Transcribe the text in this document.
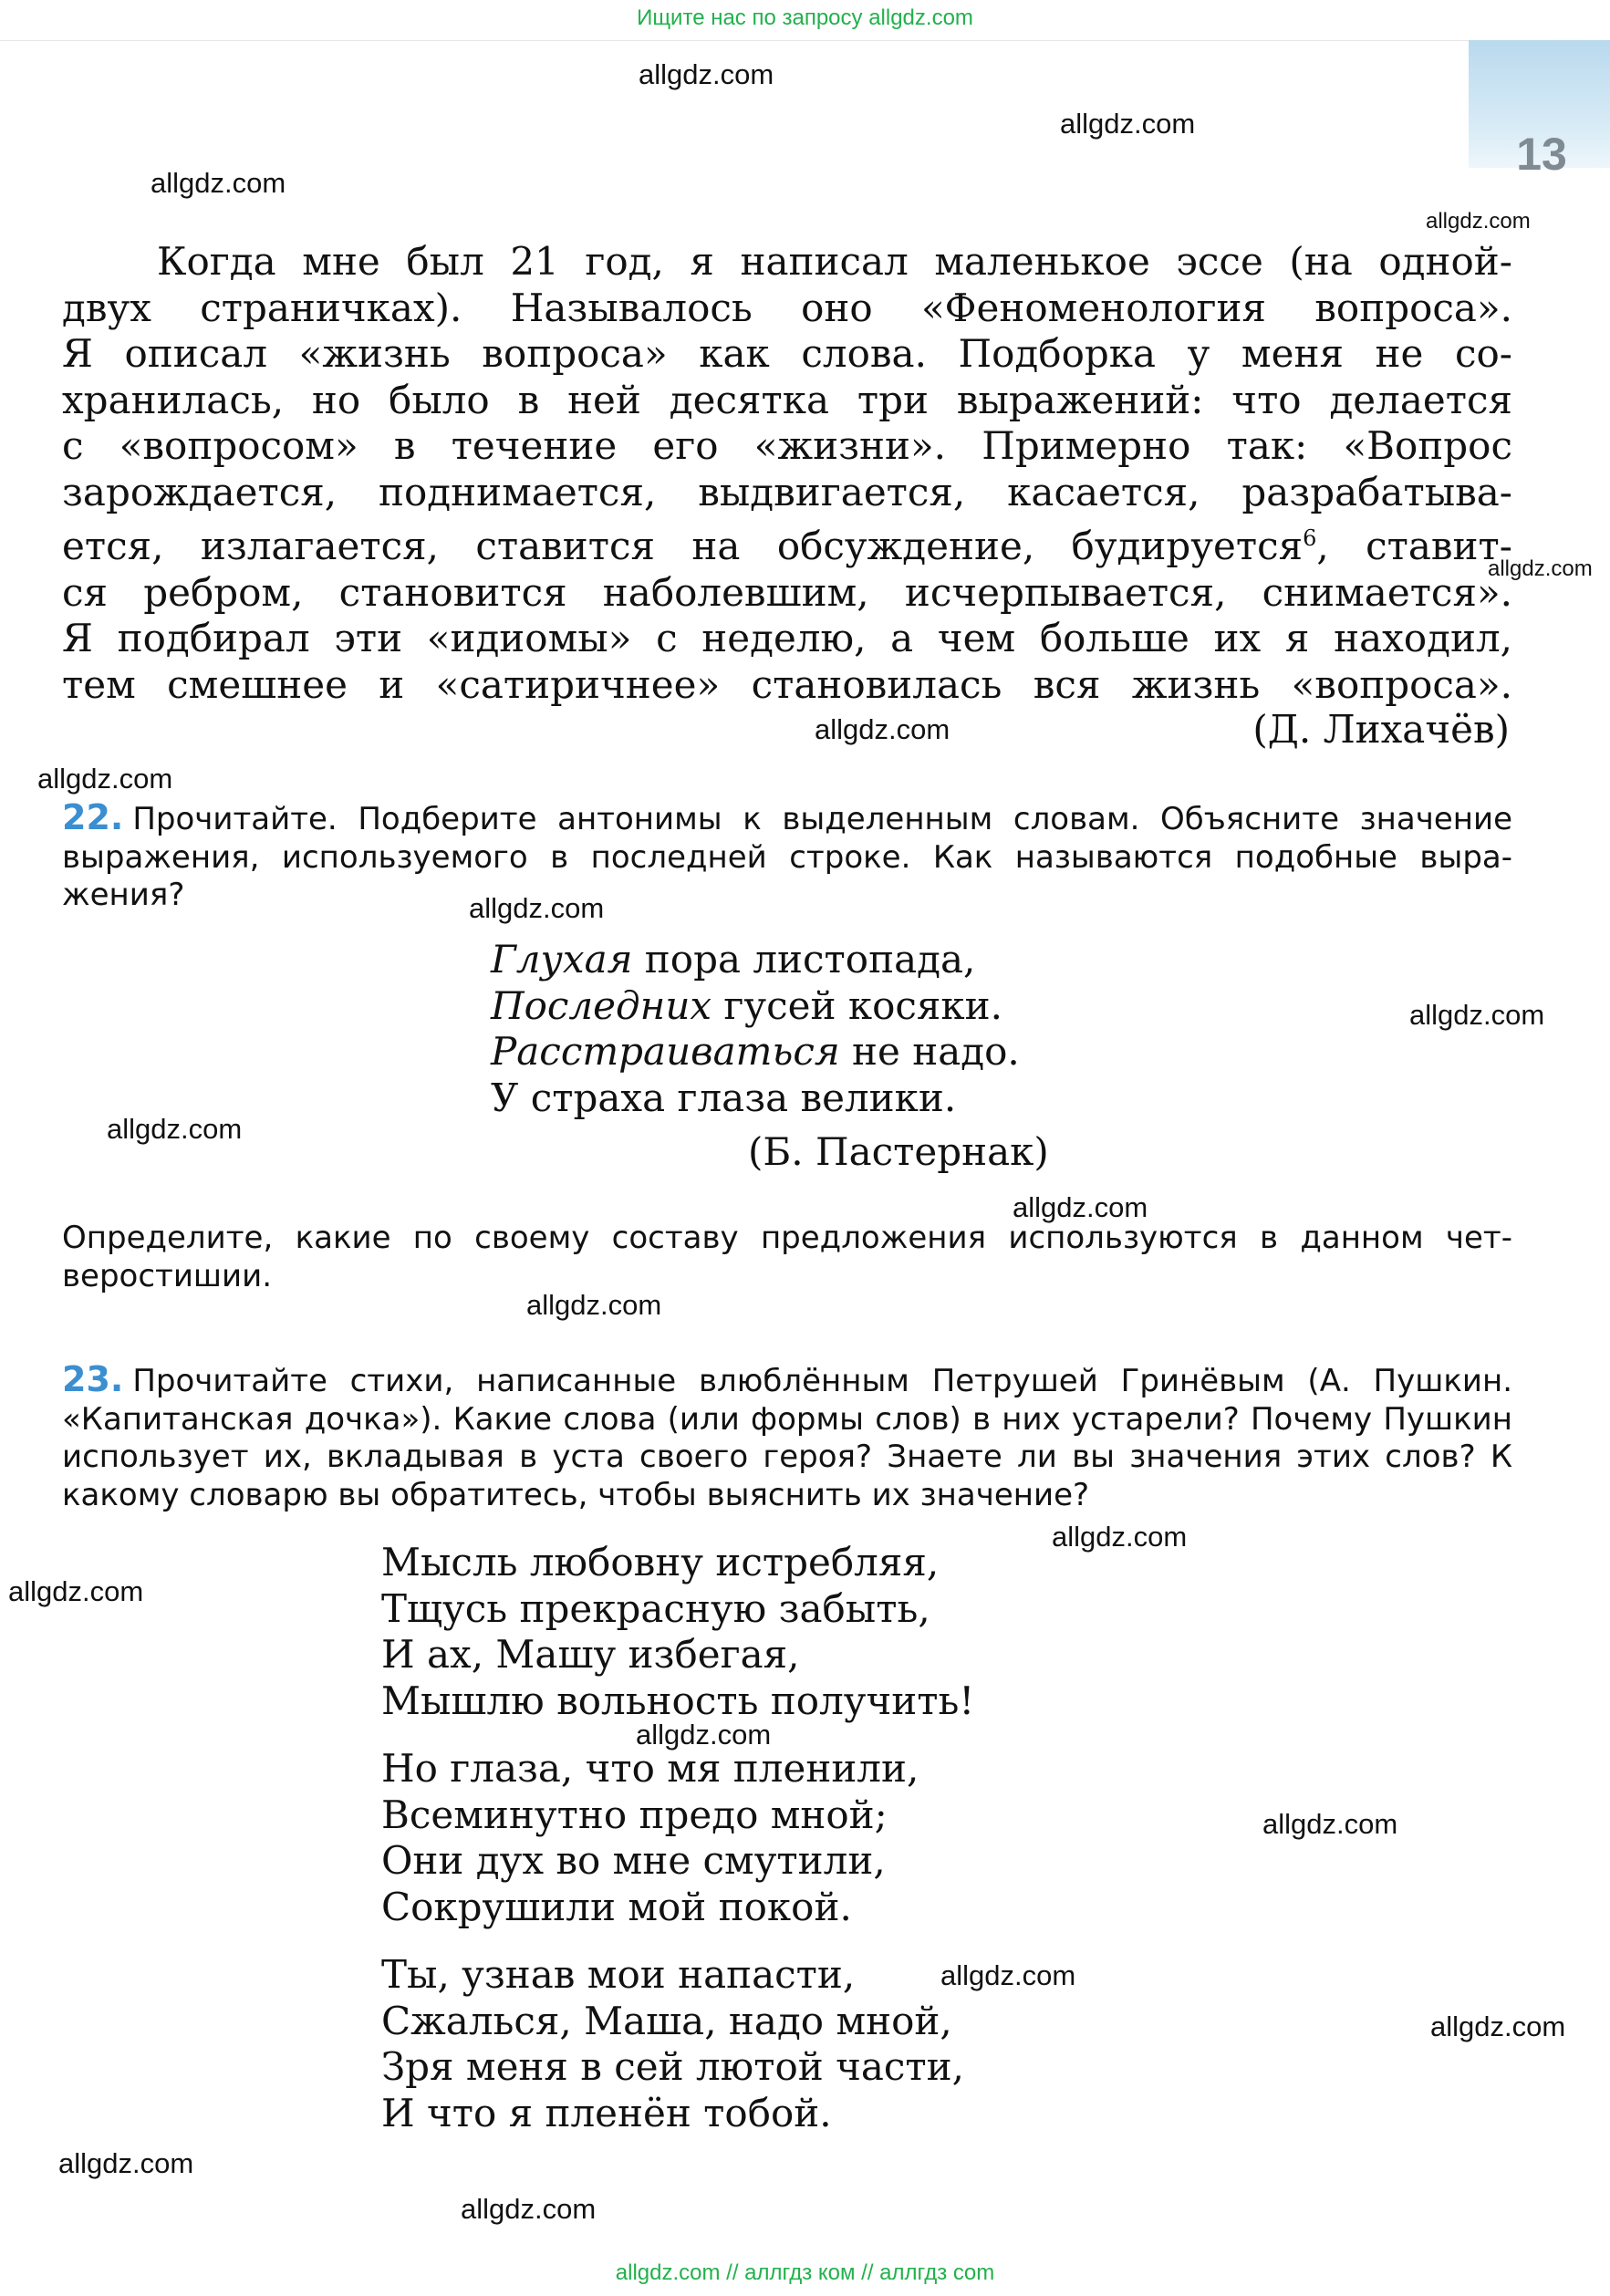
Ищите нас по запросу allgdz.com
13
allgdz.com
allgdz.com
allgdz.com
allgdz.com
allgdz.com
allgdz.com
allgdz.com
allgdz.com
allgdz.com
allgdz.com
allgdz.com
allgdz.com
allgdz.com
allgdz.com
allgdz.com
allgdz.com
allgdz.com
allgdz.com
allgdz.com
allgdz.com
Когда мне был 21 год, я написал маленькое эссе (на одной-
двух страничках). Называлось оно «Феноменология вопроса».
Я описал «жизнь вопроса» как слова. Подборка у меня не со-
хранилась, но было в ней десятка три выражений: что делается
с «вопросом» в течение его «жизни». Примерно так: «Вопрос
зарождается, поднимается, выдвигается, касается, разрабатыва-
ется, излагается, ставится на обсуждение, будируется$^6$, ставит-
ся ребром, становится наболевшим, исчерпывается, снимается».
Я подбирал эти «идиомы» с неделю, а чем больше их я находил,
тем смешнее и «сатиричнее» становилась вся жизнь «вопроса».
(Д. Лихачёв)
22. Прочитайте. Подберите антонимы к выделенным словам. Объясните значение выражения, используемого в последней строке. Как называются подобные выра-жения?
Глухая пора листопада,
Последних гусей косяки.
Расстраиваться не надо.
У страха глаза велики.
(Б. Пастернак)
Определите, какие по своему составу предложения используются в данном чет-веростишии.
23. Прочитайте стихи, написанные влюблённым Петрушей Гринёвым (А. Пушкин. «Капитанская дочка»). Какие слова (или формы слов) в них устарели? Почему Пушкин использует их, вкладывая в уста своего героя? Знаете ли вы значения этих слов? К какому словарю вы обратитесь, чтобы выяснить их значение?
Мысль любовну истребляя,
Тщусь прекрасную забыть,
И ах, Машу избегая,
Мышлю вольность получить!
Но глаза, что мя пленили,
Всеминутно предо мной;
Они дух во мне смутили,
Сокрушили мой покой.
Ты, узнав мои напасти,
Сжалься, Маша, надо мной,
Зря меня в сей лютой части,
И что я пленён тобой.
allgdz.com // аллгдз ком // аллгдз com
